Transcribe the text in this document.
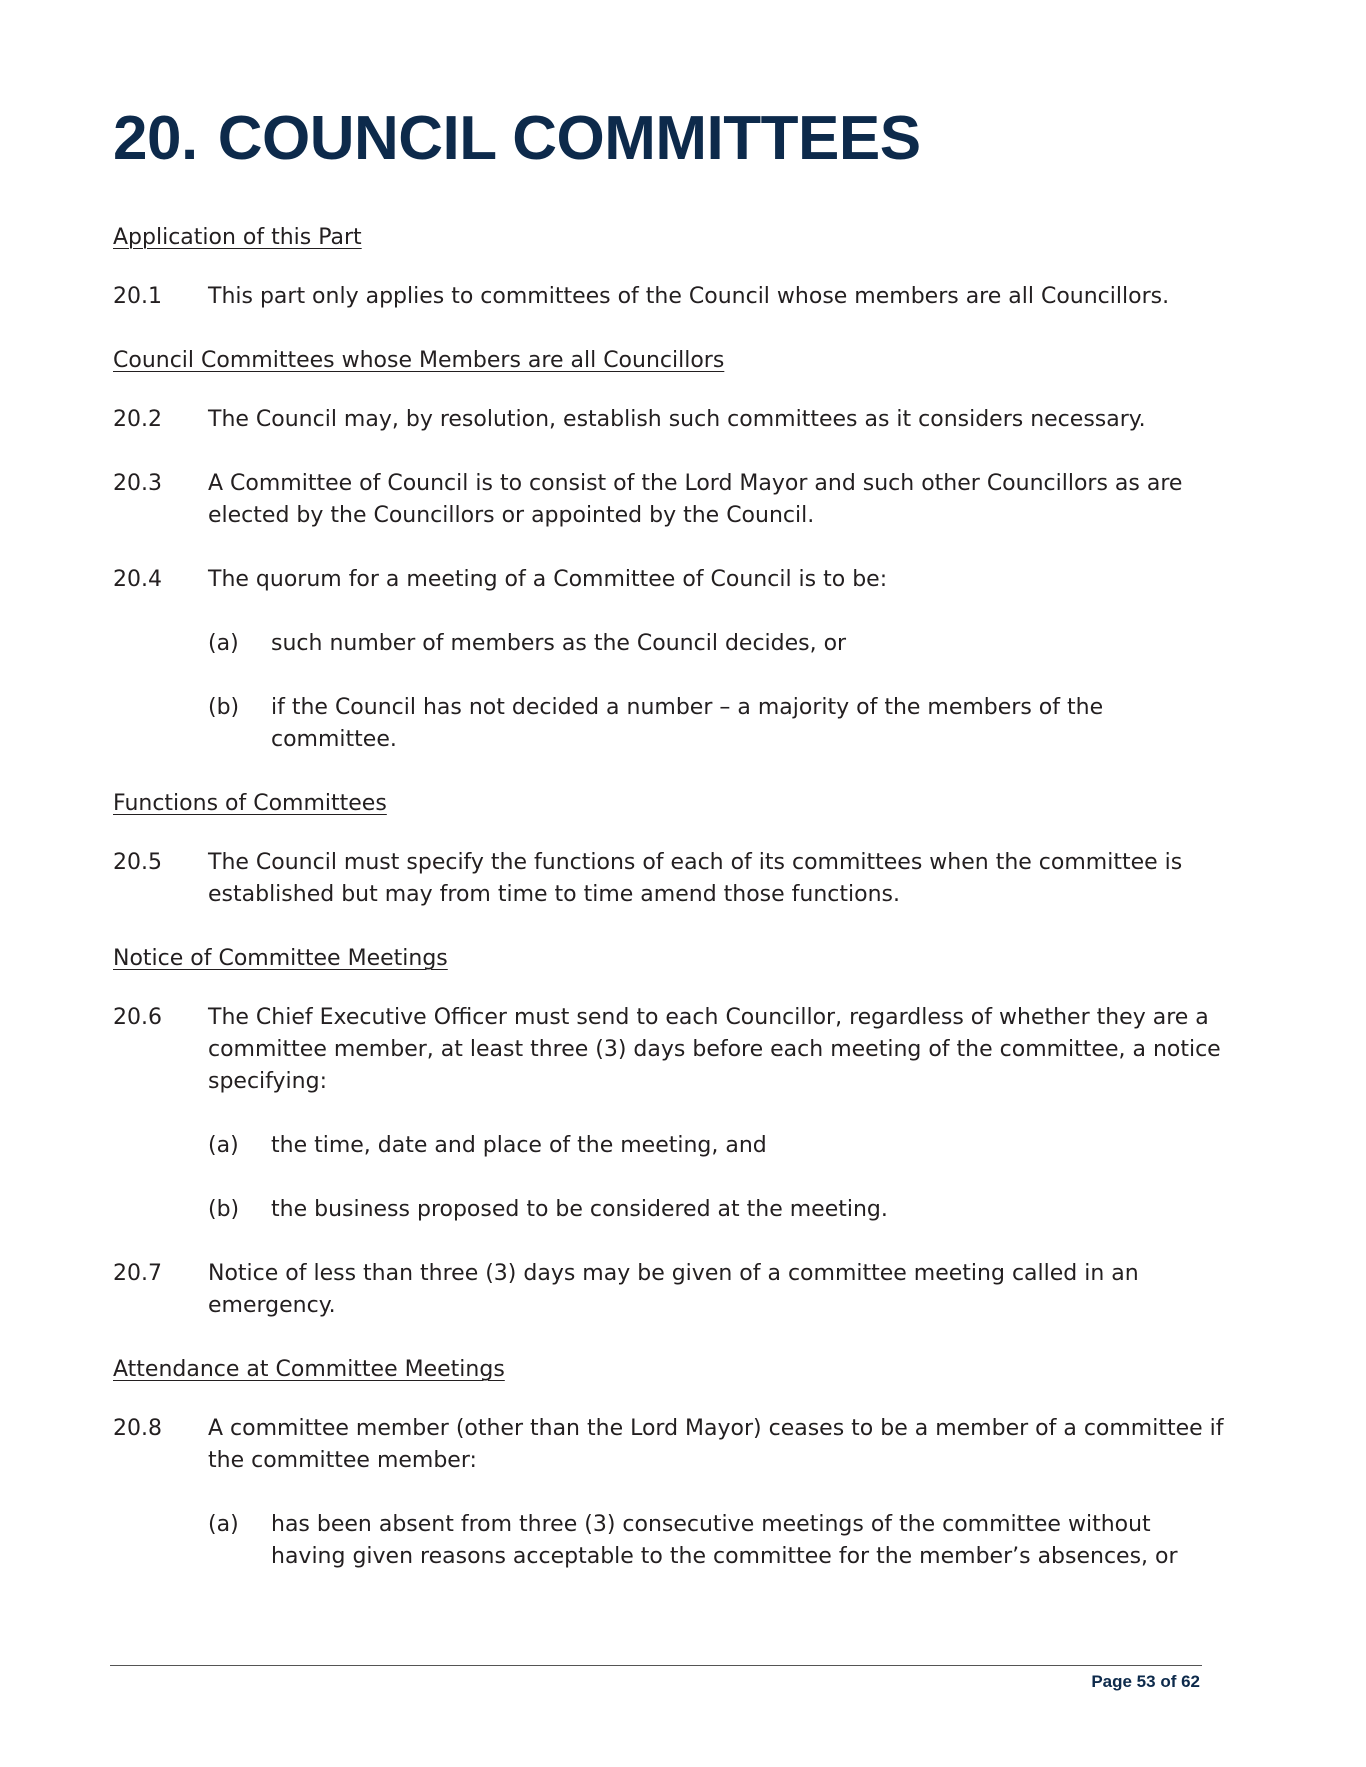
20. COUNCIL COMMITTEES
Application of this Part
20.1	This part only applies to committees of the Council whose members are all Councillors.
Council Committees whose Members are all Councillors
20.2	The Council may, by resolution, establish such committees as it considers necessary.
20.3	A Committee of Council is to consist of the Lord Mayor and such other Councillors as are elected by the Councillors or appointed by the Council.
20.4	The quorum for a meeting of a Committee of Council is to be:
(a)	such number of members as the Council decides, or
(b)	if the Council has not decided a number – a majority of the members of the committee.
Functions of Committees
20.5	The Council must specify the functions of each of its committees when the committee is established but may from time to time amend those functions.
Notice of Committee Meetings
20.6	The Chief Executive Officer must send to each Councillor, regardless of whether they are a committee member, at least three (3) days before each meeting of the committee, a notice specifying:
(a)	the time, date and place of the meeting, and
(b)	the business proposed to be considered at the meeting.
20.7	Notice of less than three (3) days may be given of a committee meeting called in an emergency.
Attendance at Committee Meetings
20.8	A committee member (other than the Lord Mayor) ceases to be a member of a committee if the committee member:
(a)	has been absent from three (3) consecutive meetings of the committee without having given reasons acceptable to the committee for the member’s absences, or
Page 53 of 62
